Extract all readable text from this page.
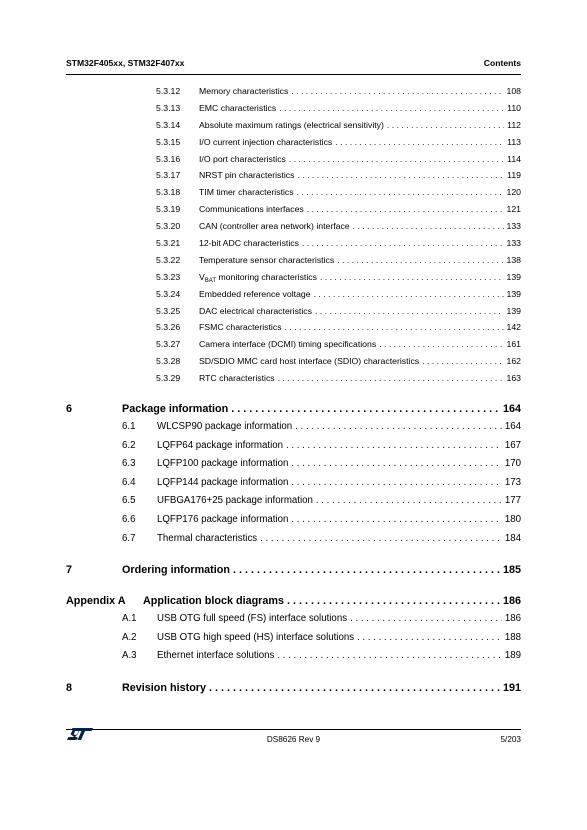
STM32F405xx, STM32F407xx	Contents
5.3.12	Memory characteristics . . .	108
5.3.13	EMC characteristics . . .	110
5.3.14	Absolute maximum ratings (electrical sensitivity) . . .	112
5.3.15	I/O current injection characteristics . . .	113
5.3.16	I/O port characteristics . . .	114
5.3.17	NRST pin characteristics . . .	119
5.3.18	TIM timer characteristics . . .	120
5.3.19	Communications interfaces . . .	121
5.3.20	CAN (controller area network) interface . . .	133
5.3.21	12-bit ADC characteristics . . .	133
5.3.22	Temperature sensor characteristics . . .	138
5.3.23	$V_{BAT}$ monitoring characteristics . . .	139
5.3.24	Embedded reference voltage . . .	139
5.3.25	DAC electrical characteristics . . .	139
5.3.26	FSMC characteristics . . .	142
5.3.27	Camera interface (DCMI) timing specifications . . .	161
5.3.28	SD/SDIO MMC card host interface (SDIO) characteristics . . .	162
5.3.29	RTC characteristics . . .	163
6	Package information . . .	164
6.1	WLCSP90 package information . . .	164
6.2	LQFP64 package information . . .	167
6.3	LQFP100 package information . . .	170
6.4	LQFP144 package information . . .	173
6.5	UFBGA176+25 package information . . .	177
6.6	LQFP176 package information . . .	180
6.7	Thermal characteristics . . .	184
7	Ordering information . . .	185
Appendix A	Application block diagrams . . .	186
A.1	USB OTG full speed (FS) interface solutions . . .	186
A.2	USB OTG high speed (HS) interface solutions . . .	188
A.3	Ethernet interface solutions . . .	189
8	Revision history . . .	191
DS8626 Rev 9	5/203
